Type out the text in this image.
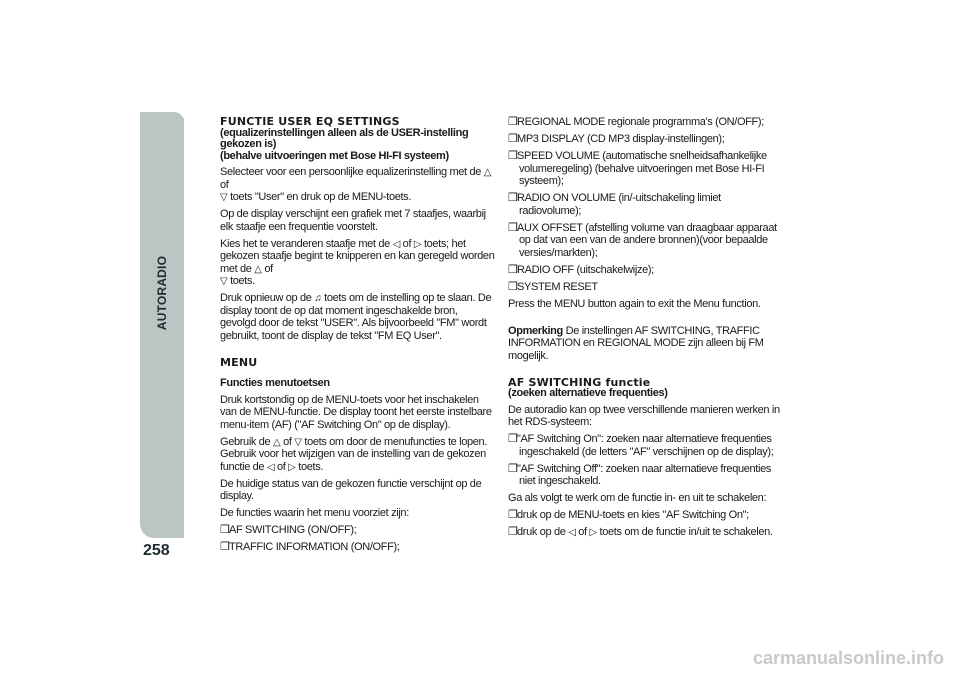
AUTORADIO
258
FUNCTIE USER EQ SETTINGS
(equalizerinstellingen alleen als de USER-instelling gekozen is)
(behalve uitvoeringen met Bose HI-FI systeem)

Selecteer voor een persoonlijke equalizerinstelling met de △ of
▽ toets "User" en druk op de MENU-toets.

Op de display verschijnt een grafiek met 7 staafjes, waarbij elk staafje een frequentie voorstelt.

Kies het te veranderen staafje met de ◁ of ▷ toets; het gekozen staafje begint te knipperen en kan geregeld worden met de △ of
▽ toets.

Druk opnieuw op de ♫ toets om de instelling op te slaan. De display toont de op dat moment ingeschakelde bron, gevolgd door de tekst "USER". Als bijvoorbeeld "FM" wordt gebruikt, toont de display de tekst "FM EQ User".

MENU
Functies menutoetsen

Druk kortstondig op de MENU-toets voor het inschakelen van de MENU-functie. De display toont het eerste instelbare menu-item (AF) ("AF Switching On" op de display).

Gebruik de △ of ▽ toets om door de menufuncties te lopen. Gebruik voor het wijzigen van de instelling van de gekozen functie de ◁ of ▷ toets.

De huidige status van de gekozen functie verschijnt op de display.

De functies waarin het menu voorziet zijn:

❒AF SWITCHING (ON/OFF);
❒TRAFFIC INFORMATION (ON/OFF);
❒REGIONAL MODE regionale programma's (ON/OFF);
❒MP3 DISPLAY (CD MP3 display-instellingen);
❒SPEED VOLUME (automatische snelheidsafhankelijke volumeregeling) (behalve uitvoeringen met Bose HI-FI systeem);
❒RADIO ON VOLUME (in/-uitschakeling limiet radiovolume);
❒AUX OFFSET (afstelling volume van draagbaar apparaat op dat van een van de andere bronnen)(voor bepaalde versies/markten);
❒RADIO OFF (uitschakelwijze);
❒SYSTEM RESET

Press the MENU button again to exit the Menu function.

Opmerking De instellingen AF SWITCHING, TRAFFIC INFORMATION en REGIONAL MODE zijn alleen bij FM mogelijk.

AF SWITCHING functie
(zoeken alternatieve frequenties)

De autoradio kan op twee verschillende manieren werken in het RDS-systeem:

❒"AF Switching On": zoeken naar alternatieve frequenties ingeschakeld (de letters "AF" verschijnen op de display);
❒"AF Switching Off": zoeken naar alternatieve frequenties niet ingeschakeld.

Ga als volgt te werk om de functie in- en uit te schakelen:

❒druk op de MENU-toets en kies "AF Switching On";
❒druk op de ◁ of ▷ toets om de functie in/uit te schakelen.
carmanualsonline.info
